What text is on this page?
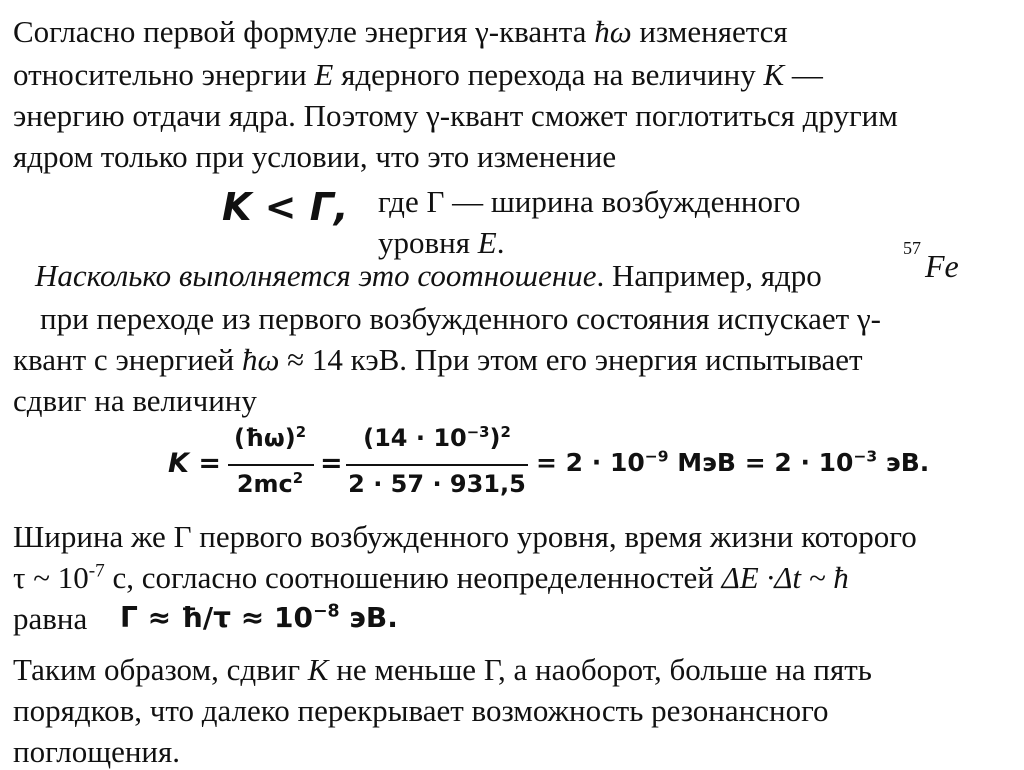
Согласно первой формуле энергия γ-кванта ħω изменяется
относительно энергии E ядерного перехода на величину K —
энергию отдачи ядра. Поэтому γ-квант сможет поглотиться другим
ядром только при условии, что это изменение
K < Γ, где Γ — ширина возбужденного
уровня E.
Насколько выполняется это соотношение. Например, ядро
57 Fe
при переходе из первого возбужденного состояния испускает γ-
квант с энергией ħω ≈ 14 кэВ. При этом его энергия испытывает
сдвиг на величину
K =
(ħω)$^2$
$2mc^2$ =
$(14 \cdot 10^{-3})^2$
2 · 57 · 931,5
= $2 \cdot 10^{-9}$ МэВ = $2 \cdot 10^{-3}$ эВ.
Ширина же Γ первого возбужденного уровня, время жизни которого
τ ~ $10^{-7}$ с, согласно соотношению неопределенностей ΔE ·Δt ~ ħ
равна Γ ≈ ħ/τ ≈ $10^{-8}$ эВ.
Таким образом, сдвиг K не меньше Γ, а наоборот, больше на пять
порядков, что далеко перекрывает возможность резонансного
поглощения.
